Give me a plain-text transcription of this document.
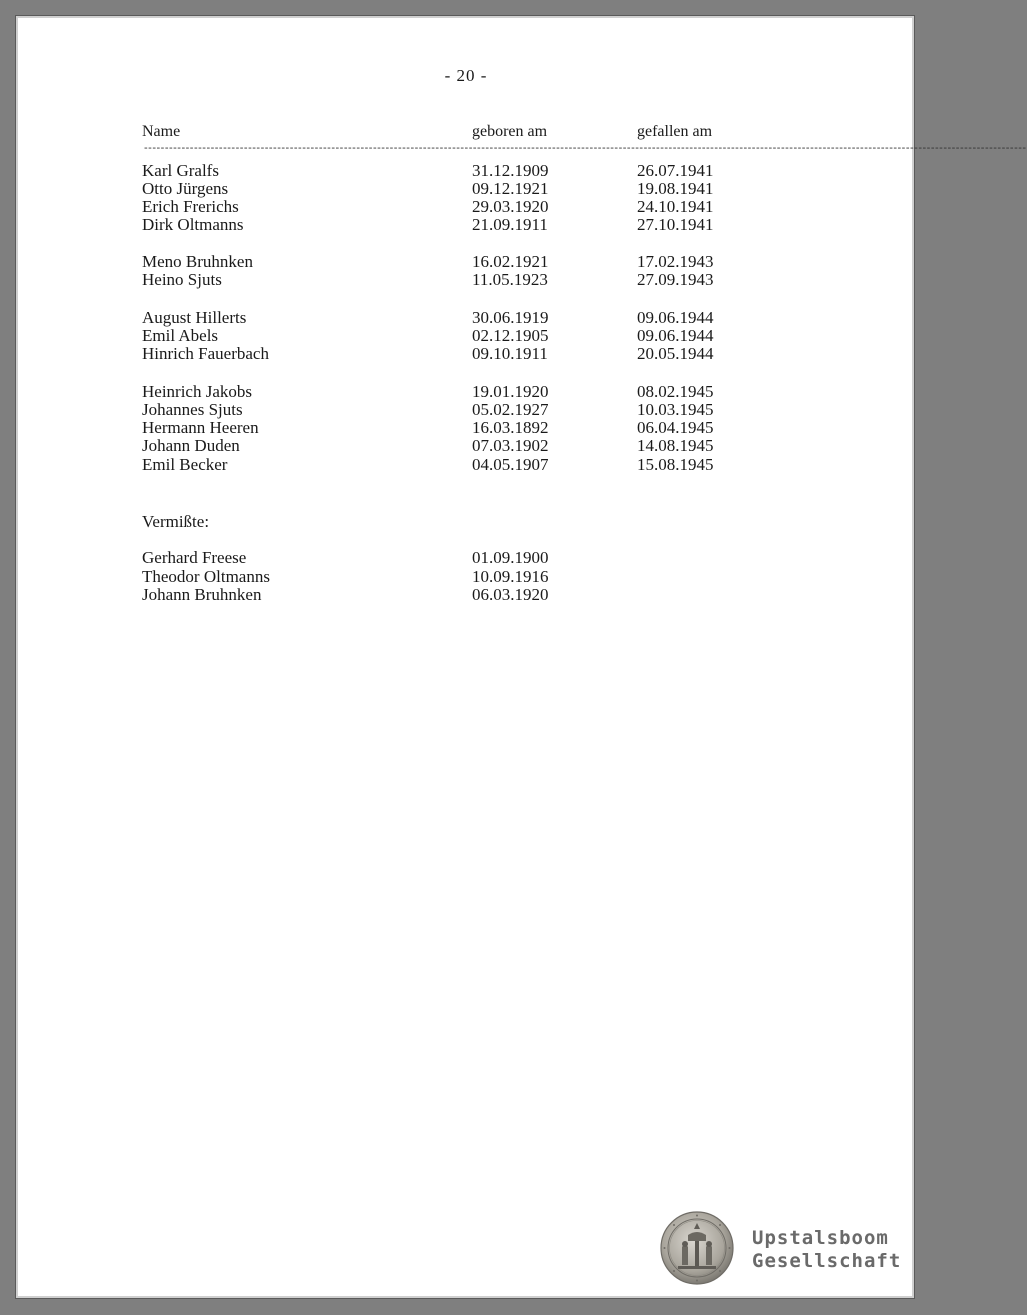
- 20 -
Name	geboren am	gefallen am
--------------------------------------------------------------------------------------------------------------------------------------------------------------------------------------------------------------------
Karl Gralfs	31.12.1909	26.07.1941
Otto Jürgens	09.12.1921	19.08.1941
Erich Frerichs	29.03.1920	24.10.1941
Dirk Oltmanns	21.09.1911	27.10.1941
Meno Bruhnken	16.02.1921	17.02.1943
Heino Sjuts	11.05.1923	27.09.1943
August Hillerts	30.06.1919	09.06.1944
Emil Abels	02.12.1905	09.06.1944
Hinrich Fauerbach	09.10.1911	20.05.1944
Heinrich Jakobs	19.01.1920	08.02.1945
Johannes Sjuts	05.02.1927	10.03.1945
Hermann Heeren	16.03.1892	06.04.1945
Johann Duden	07.03.1902	14.08.1945
Emil Becker	04.05.1907	15.08.1945
Vermißte:
Gerhard Freese	01.09.1900
Theodor Oltmanns	10.09.1916
Johann Bruhnken	06.03.1920
Upstalsboom
Gesellschaft
